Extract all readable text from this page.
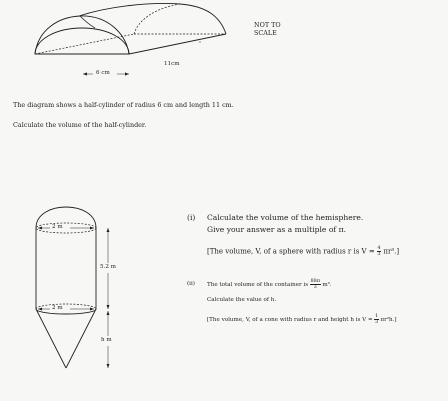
NOT TO
SCALE
11cm
6 cm
The diagram shows a half-cylinder of radius 6 cm and length 11 cm.
Calculate the volume of the half-cylinder.
2 m
5.2 m
2 m
h m
(i) Calculate the volume of the hemisphere.
Give your answer as a multiple of π.
[The volume, V, of a sphere with radius r is $V = \frac{4}{3} \pi r^3$.]
(ii) The total volume of the container is $\frac{88\pi}{3} m^3$.
Calculate the value of h.
[The volume, V, of a cone with radius r and height h is $V = \frac{1}{3} \pi r^2h$.]
